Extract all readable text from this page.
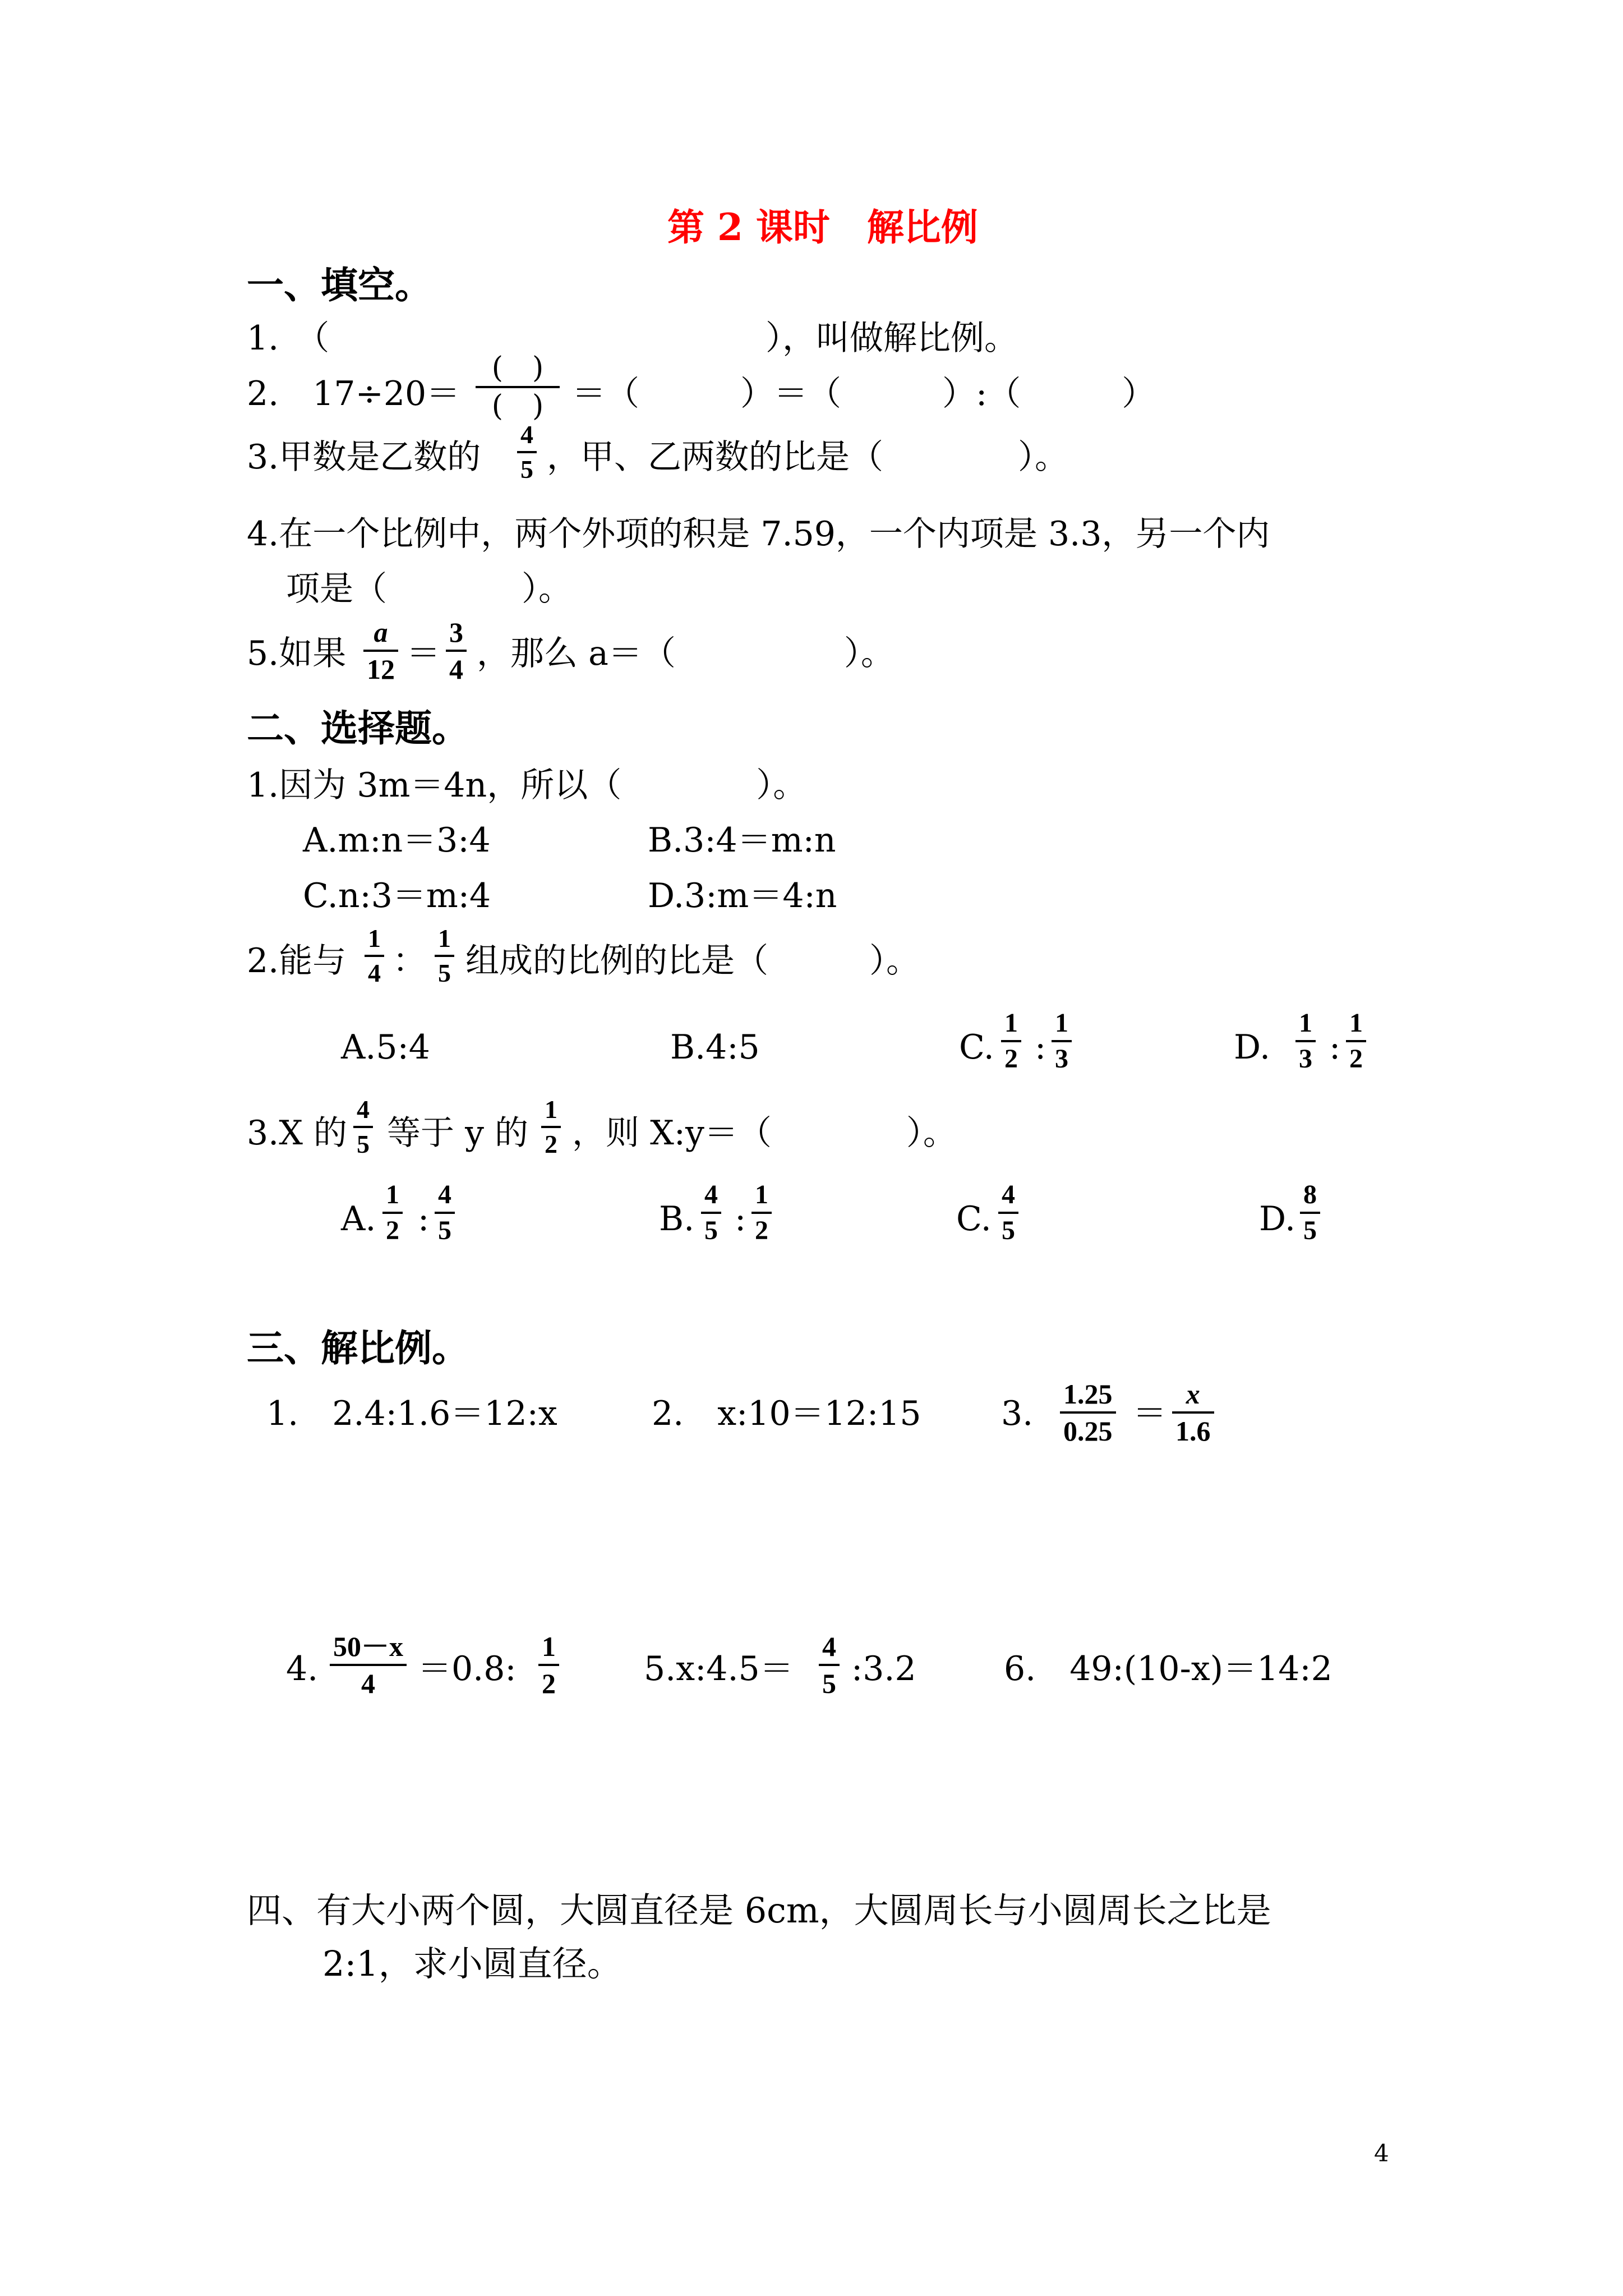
第 2 课时　解比例
一、填空。
1.　（	），叫做解比例。
2.　17÷20＝
(　)
(　) ＝（　　　）＝（　　　）:（　　　）
3.甲数是乙数的
4
5 ，甲、乙两数的比是（　　　　）。
4.在一个比例中，两个外项的积是 7.59，一个内项是 3.3，另一个内
项是（　　　　）。
5.如果
a
12 ＝
3
4 ，那么 a＝（　　　　　）。
二、选择题。
1.因为 3m＝4n，所以（　　　　）。
A.m:n＝3:4	B.3:4＝m:n
C.n:3＝m:4	D.3:m＝4:n
2.能与
1
4 ：
1
5 组成的比例的比是（　　　）。
A.5:4	B.4:5	C.
1
2 :
1
3	D.
1
3 :
1
2
3.X 的
4
5 等于 y 的
1
2 ，则 X:y＝（　　　　）。
A.
1
2 :
4
5	B.
4
5 :
1
2	C.
4
5	D.
8
5
三、解比例。
1.　2.4:1.6＝12:x	2.　x:10＝12:15 3. 1.25
0.25 ＝ x
1.6
4.
50－x
4 ＝0.8:
1
2	5.x:4.5＝
4
5 :3.2	6.　49:(10-x)＝14:2
四、有大小两个圆，大圆直径是 6cm，大圆周长与小圆周长之比是
2:1，求小圆直径。
4
